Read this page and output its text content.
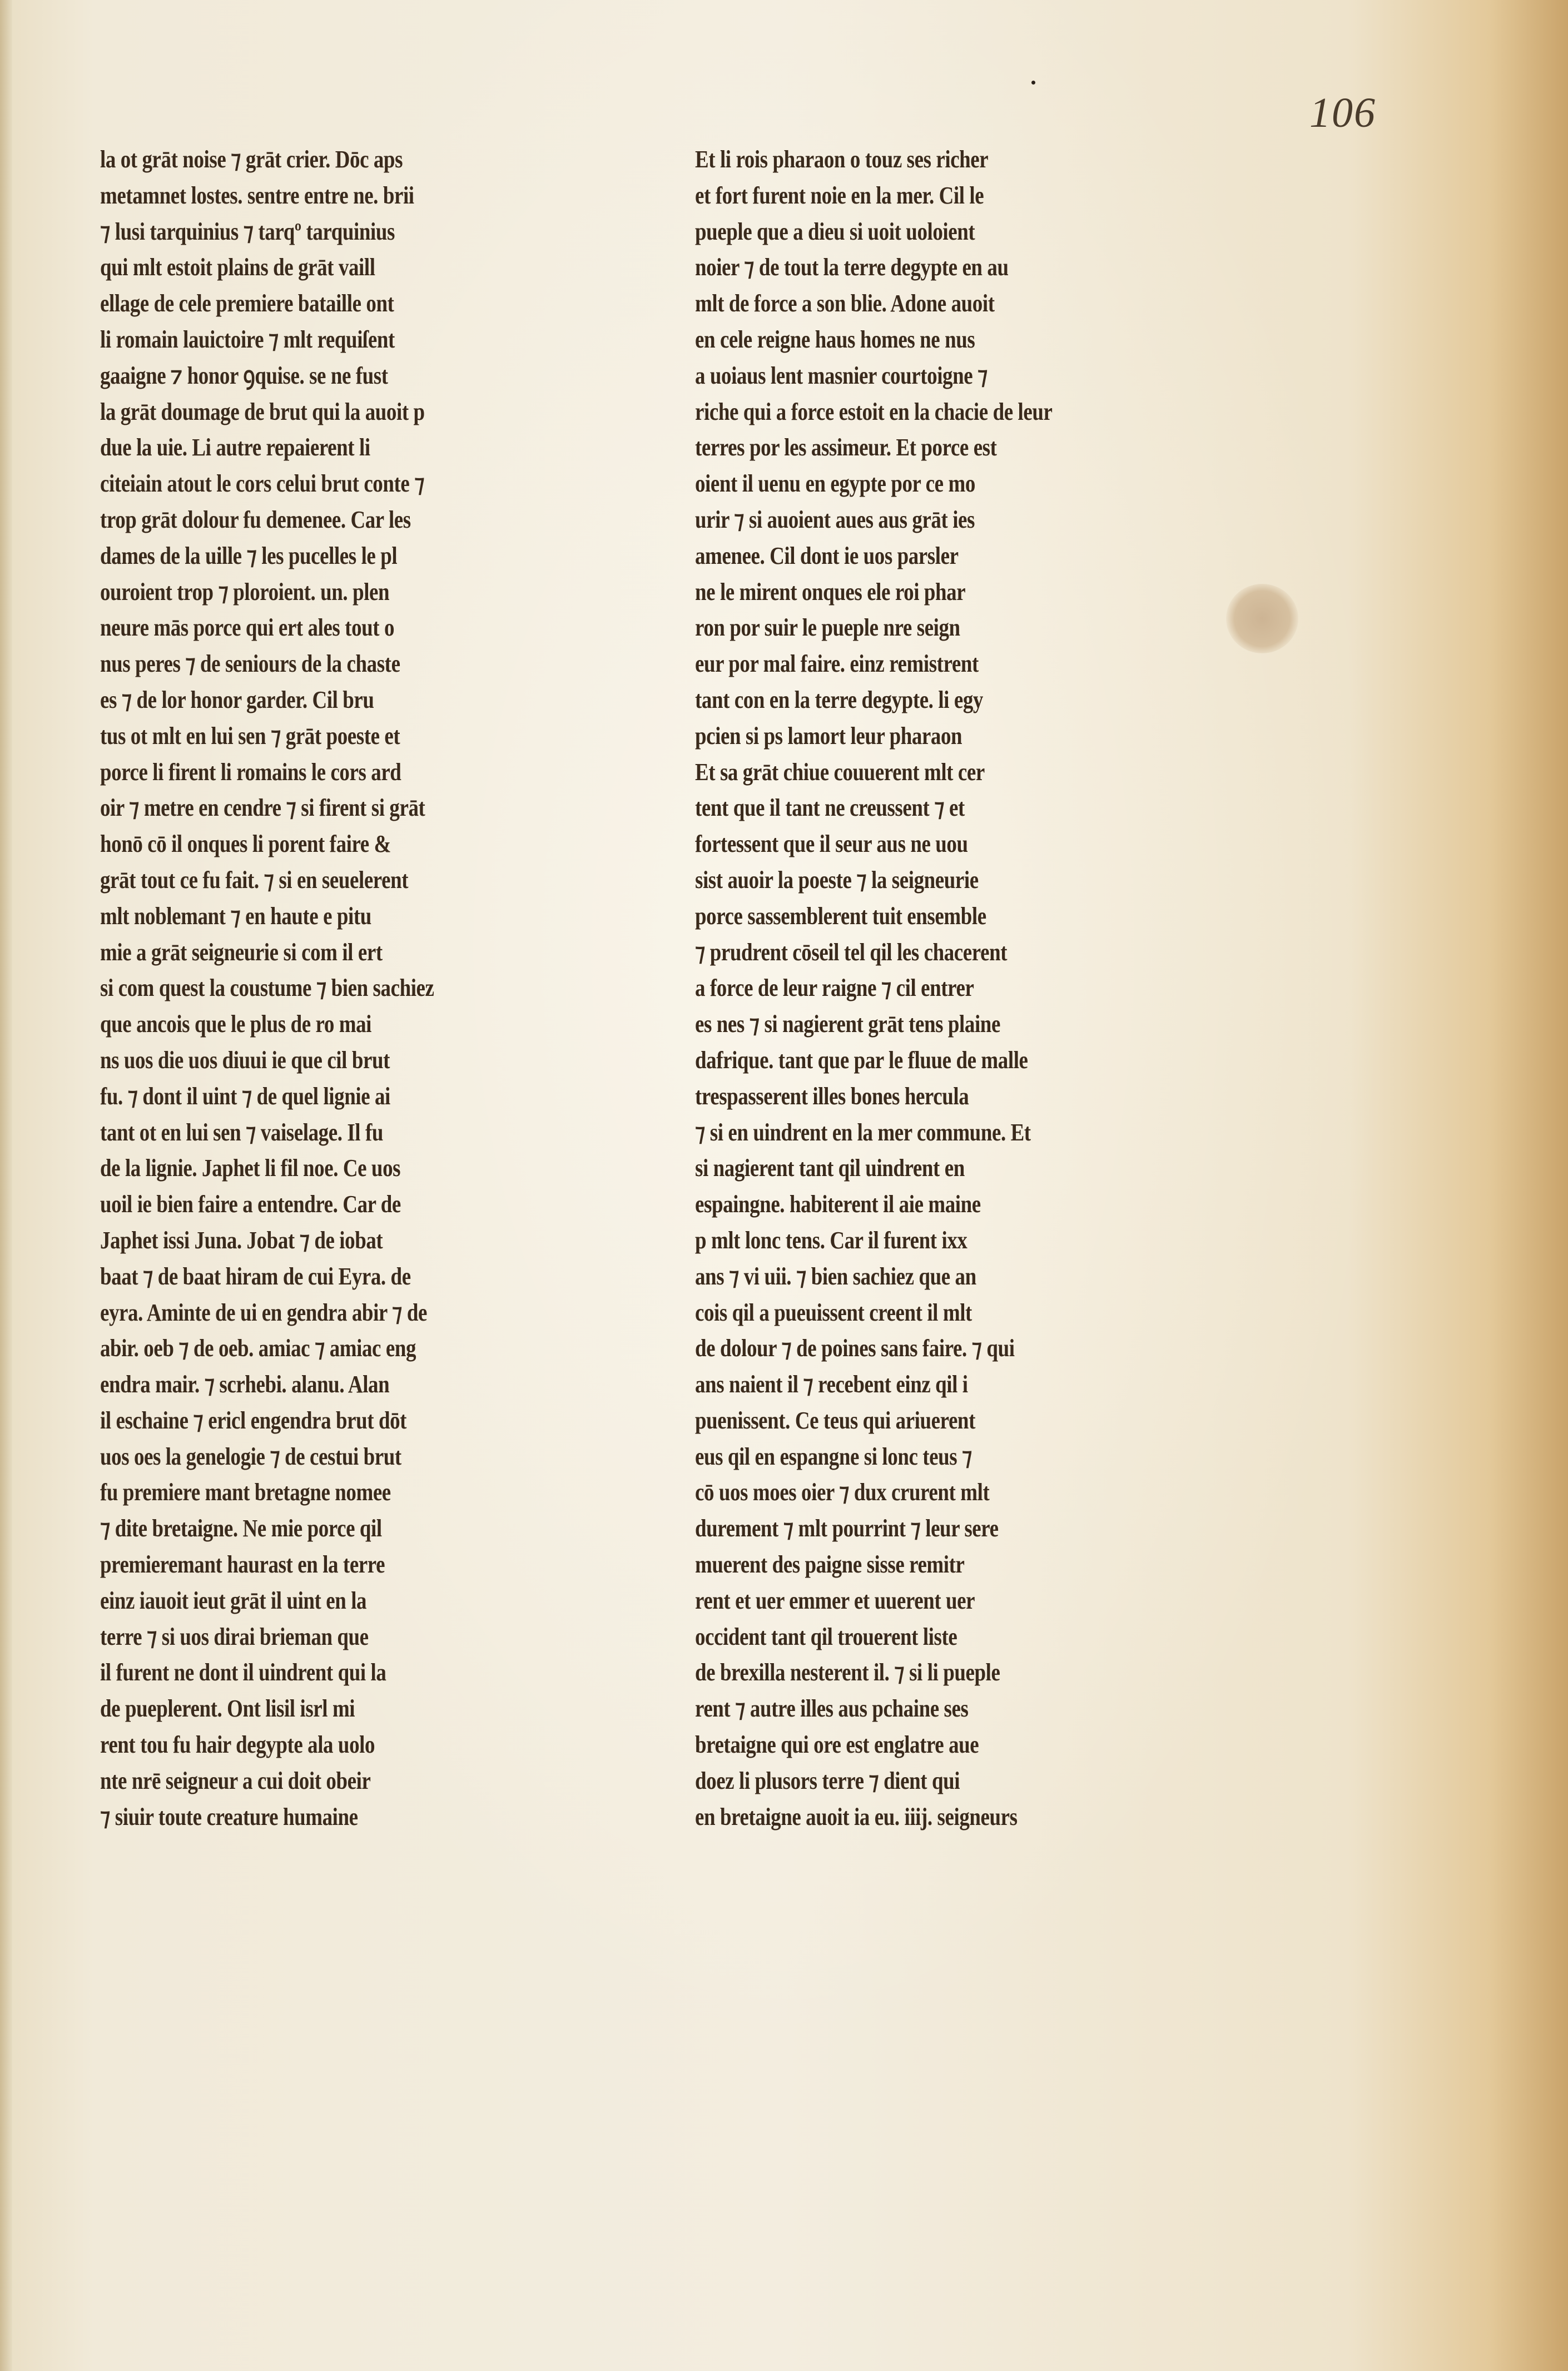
106
la ot grāt noise ⁊ grāt crier. Dōc aps
metamnet lostes. sentre entre ne. brii
⁊ lusi tarquinius ⁊ tarqº tarquinius
qui mlt estoit plains de grāt vaill
ellage de cele premiere bataille ont
li romain lauictoire ⁊ mlt requiſent
gaaigne ⁊ honor ꝯquise. se ne fust
la grāt doumage de brut qui la auoit p
due la uie. Li autre repaierent li
citeiain atout le cors celui brut conte ⁊
trop grāt dolour fu demenee. Car les
dames de la uille ⁊ les pucelles le pl
ouroient trop ⁊ ploroient. un. plen
neure mās porce qui ert ales tout o
nus peres ⁊ de seniours de la chaste
es ⁊ de lor honor garder. Cil bru
tus ot mlt en lui sen ⁊ grāt poeste et
porce li firent li romains le cors ard
oir ⁊ metre en cendre ⁊ si firent si grāt
honō cō il onques li porent faire &
grāt tout ce fu fait. ⁊ si en seuelerent
mlt noblemant ⁊ en haute e pitu
mie a grāt seigneurie si com il ert
si com quest la coustume ⁊ bien sachiez
que ancois que le plus de ro mai
ns uos die uos diuui ie que cil brut
fu. ⁊ dont il uint ⁊ de quel lignie ai
tant ot en lui sen ⁊ vaiselage. Il fu
de la lignie. Japhet li fil noe. Ce uos
uoil ie bien faire a entendre. Car de
Japhet issi Juna. Jobat ⁊ de iobat
baat ⁊ de baat hiram de cui Eyra. de
eyra. Aminte de ui en gendra abir ⁊ de
abir. oeb ⁊ de oeb. amiac ⁊ amiac eng
endra mair. ⁊ scrhebi. alanu. Alan
il eschaine ⁊ ericl engendra brut dōt
uos oes la genelogie ⁊ de cestui brut
fu premiere mant bretagne nomee
⁊ dite bretaigne. Ne mie porce qil
premieremant haurast en la terre
einz iauoit ieut grāt il uint en la
terre ⁊ si uos dirai brieman que
il furent ne dont il uindrent qui la
de pueplerent. Ont lisil isrl mi
rent tou fu hair degypte ala uolo
nte nrē seigneur a cui doit obeir
⁊ siuir toute creature humaine
Et li rois pharaon o touz ses richer
et fort furent noie en la mer. Cil le
pueple que a dieu si uoit uoloient
noier ⁊ de tout la terre degypte en au
mlt de force a son blie. Adone auoit
en cele reigne haus homes ne nus
a uoiaus lent masnier courtoigne ⁊
riche qui a force estoit en la chacie de leur
terres por les assimeur. Et porce est
oient il uenu en egypte por ce mo
urir ⁊ si auoient aues aus grāt ies
amenee. Cil dont ie uos parsler
ne le mirent onques ele roi phar
ron por suir le pueple nre seign
eur por mal faire. einz remistrent
tant con en la terre degypte. li egy
pcien si ps lamort leur pharaon
Et sa grāt chiue couuerent mlt cer
tent que il tant ne creussent ⁊ et
fortessent que il seur aus ne uou
sist auoir la poeste ⁊ la seigneurie
porce sassemblerent tuit ensemble
⁊ prudrent cōseil tel qil les chacerent
a force de leur raigne ⁊ cil entrer
es nes ⁊ si nagierent grāt tens plaine
dafrique. tant que par le fluue de malle
trespasserent illes bones hercula
⁊ si en uindrent en la mer commune. Et
si nagierent tant qil uindrent en
espaingne. habiterent il aie maine
p mlt lonc tens. Car il furent ixx
ans ⁊ vi uii. ⁊ bien sachiez que an
cois qil a pueuissent creent il mlt
de dolour ⁊ de poines sans faire. ⁊ qui
ans naient il ⁊ recebent einz qil i
puenissent. Ce teus qui ariuerent
eus qil en espangne si lonc teus ⁊
cō uos moes oier ⁊ dux crurent mlt
durement ⁊ mlt pourrint ⁊ leur sere
muerent des paigne sisse remitr
rent et uer emmer et uuerent uer
occident tant qil trouerent liste
de brexilla nesterent il. ⁊ si li pueple
rent ⁊ autre illes aus pchaine ses
bretaigne qui ore est englatre aue
doez li plusors terre ⁊ dient qui
en bretaigne auoit ia eu. iiij. seigneurs
